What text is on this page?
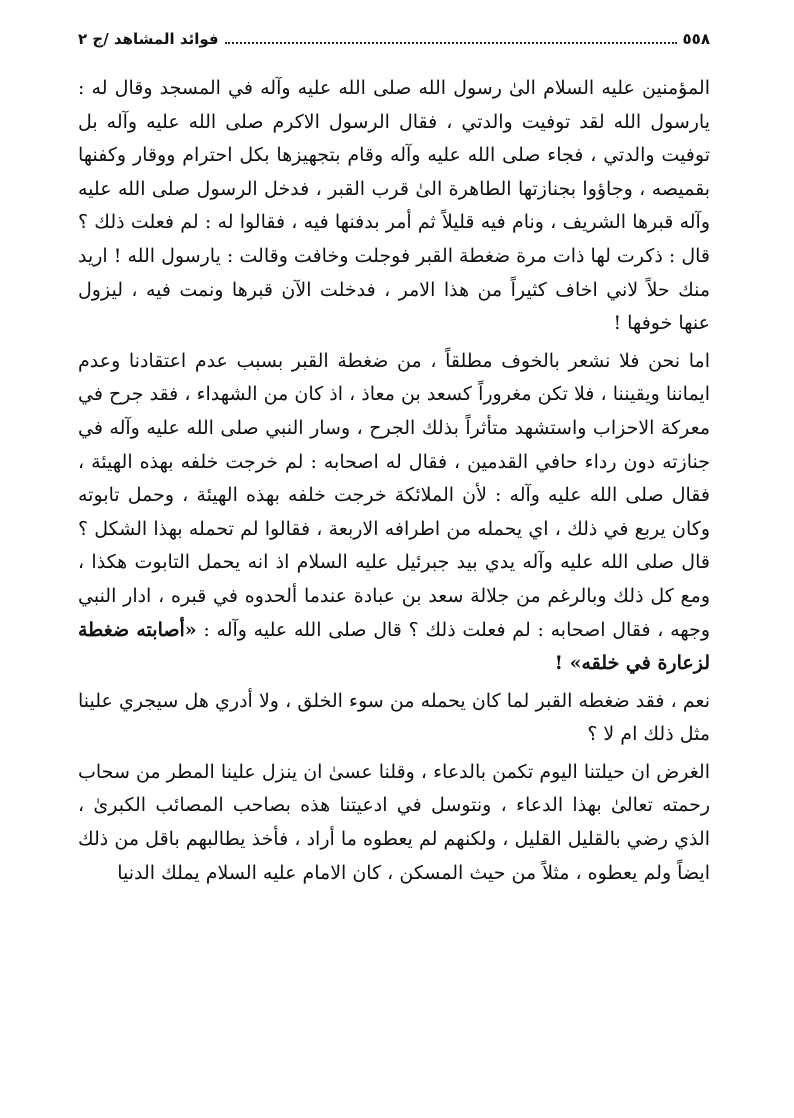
٥٥٨
فوائد المشاهد /ج ٢

المؤمنين عليه السلام الیٰ رسول الله صلى الله عليه وآله في المسجد وقال له : يارسول الله لقد توفيت والدتي ، فقال الرسول الاكرم صلى الله عليه وآله بل توفيت والدتي ، فجاء صلى الله عليه وآله وقام بتجهيزها بكل احترام ووقار وكفنها بقميصه ، وجاؤوا بجنازتها الطاهرة الیٰ قرب القبر ، فدخل الرسول صلى الله عليه وآله قبرها الشريف ، ونام فيه قليلاً ثم أمر بدفنها فيه ، فقالوا له : لم فعلت ذلك ؟ قال : ذكرت لها ذات مرة ضغطة القبر فوجلت وخافت وقالت : يارسول الله ! اريد منك حلاً لاني اخاف كثيراً من هذا الامر ، فدخلت الآن قبرها ونمت فيه ، ليزول عنها خوفها !

اما نحن فلا نشعر بالخوف مطلقاً ، من ضغطة القبر بسبب عدم اعتقادنا وعدم ايماننا ويقيننا ، فلا تكن مغروراً كسعد بن معاذ ، اذ كان من الشهداء ، فقد جرح في معركة الاحزاب واستشهد متأثراً بذلك الجرح ، وسار النبي صلى الله عليه وآله في جنازته دون رداء حافي القدمين ، فقال له اصحابه : لم خرجت خلفه بهذه الهيئة ، فقال صلى الله عليه وآله : لأن الملائكة خرجت خلفه بهذه الهيئة ، وحمل تابوته وكان يربع في ذلك ، اي يحمله من اطرافه الاربعة ، فقالوا لم تحمله بهذا الشكل ؟ قال صلى الله عليه وآله يدي بيد جبرئيل عليه السلام اذ انه يحمل التابوت هكذا ، ومع كل ذلك وبالرغم من جلالة سعد بن عبادة عندما ألحدوه في قبره ، ادار النبي وجهه ، فقال اصحابه : لم فعلت ذلك ؟ قال صلى الله عليه وآله : «أصابته ضغطة لزعارة في خلقه» !

نعم ، فقد ضغطه القبر لما كان يحمله من سوء الخلق ، ولا أدري هل سيجري علينا مثل ذلك ام لا ؟

الغرض ان حيلتنا اليوم تكمن بالدعاء ، وقلنا عسىٰ ان ينزل علينا المطر من سحاب رحمته تعالىٰ بهذا الدعاء ، ونتوسل في ادعيتنا هذه بصاحب المصائب الكبرىٰ ، الذي رضي بالقليل القليل ، ولكنهم لم يعطوه ما أراد ، فأخذ يطالبهم باقل من ذلك ايضاً ولم يعطوه ، مثلاً من حيث المسكن ، كان الامام عليه السلام يملك الدنيا
